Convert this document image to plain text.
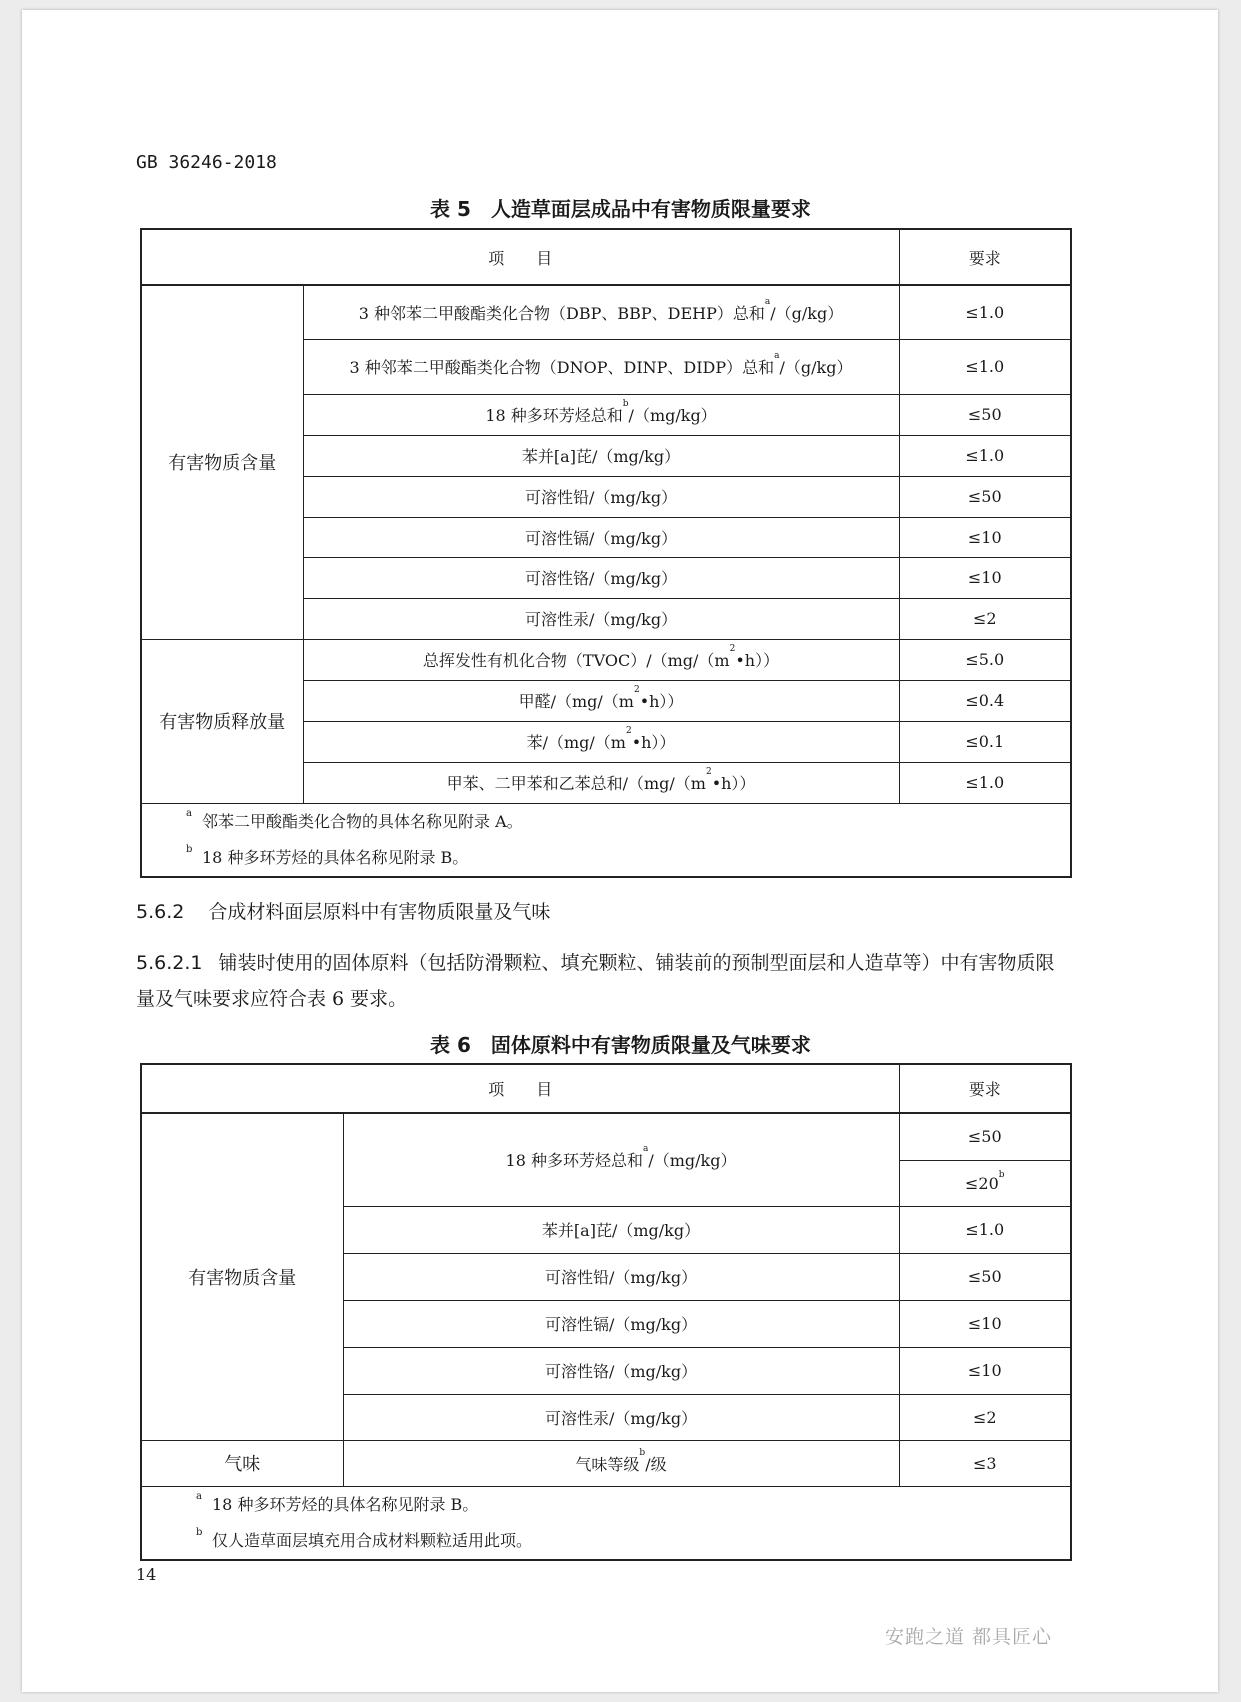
GB 36246-2018
表 5　人造草面层成品中有害物质限量要求
项　　目		要求
有害物质含量	3 种邻苯二甲酸酯类化合物（DBP、BBP、DEHP）总和$^a$/（g/kg）	≤1.0
	3 种邻苯二甲酸酯类化合物（DNOP、DINP、DIDP）总和$^a$/（g/kg）	≤1.0
	18 种多环芳烃总和$^b$/（mg/kg）	≤50
	苯并[a]芘/（mg/kg）	≤1.0
	可溶性铅/（mg/kg）	≤50
	可溶性镉/（mg/kg）	≤10
	可溶性铬/（mg/kg）	≤10
	可溶性汞/（mg/kg）	≤2
有害物质释放量	总挥发性有机化合物$(TVOC)/(mg/(m^2•h))$	≤5.0
	甲醛$/(mg/(m^2•h))$	≤0.4
	苯$/(mg/(m^2•h))$	≤0.1
	甲苯、二甲苯和乙苯总和$/(mg/(m^2•h))$	≤1.0

a 邻苯二甲酸酯类化合物的具体名称见附录 A。
b 18 种多环芳烃的具体名称见附录 B。		
5.6.2 合成材料面层原料中有害物质限量及气味
5.6.2.1 铺装时使用的固体原料（包括防滑颗粒、填充颗粒、铺装前的预制型面层和人造草等）中有害物质限量及气味要求应符合表 6 要求。
表 6　固体原料中有害物质限量及气味要求
项　　目		要求
有害物质含量	18 种多环芳烃总和$^a$/（mg/kg）	≤50
		$\le 20^b$
	苯并[a]芘/（mg/kg）	≤1.0
	可溶性铅/（mg/kg）	≤50
	可溶性镉/（mg/kg）	≤10
	可溶性铬/（mg/kg）	≤10
	可溶性汞/（mg/kg）	≤2
气味	气味等级$^b$/级	≤3

a 18 种多环芳烃的具体名称见附录 B。
b 仅人造草面层填充用合成材料颗粒适用此项。		
14
安跑之道 都具匠心
